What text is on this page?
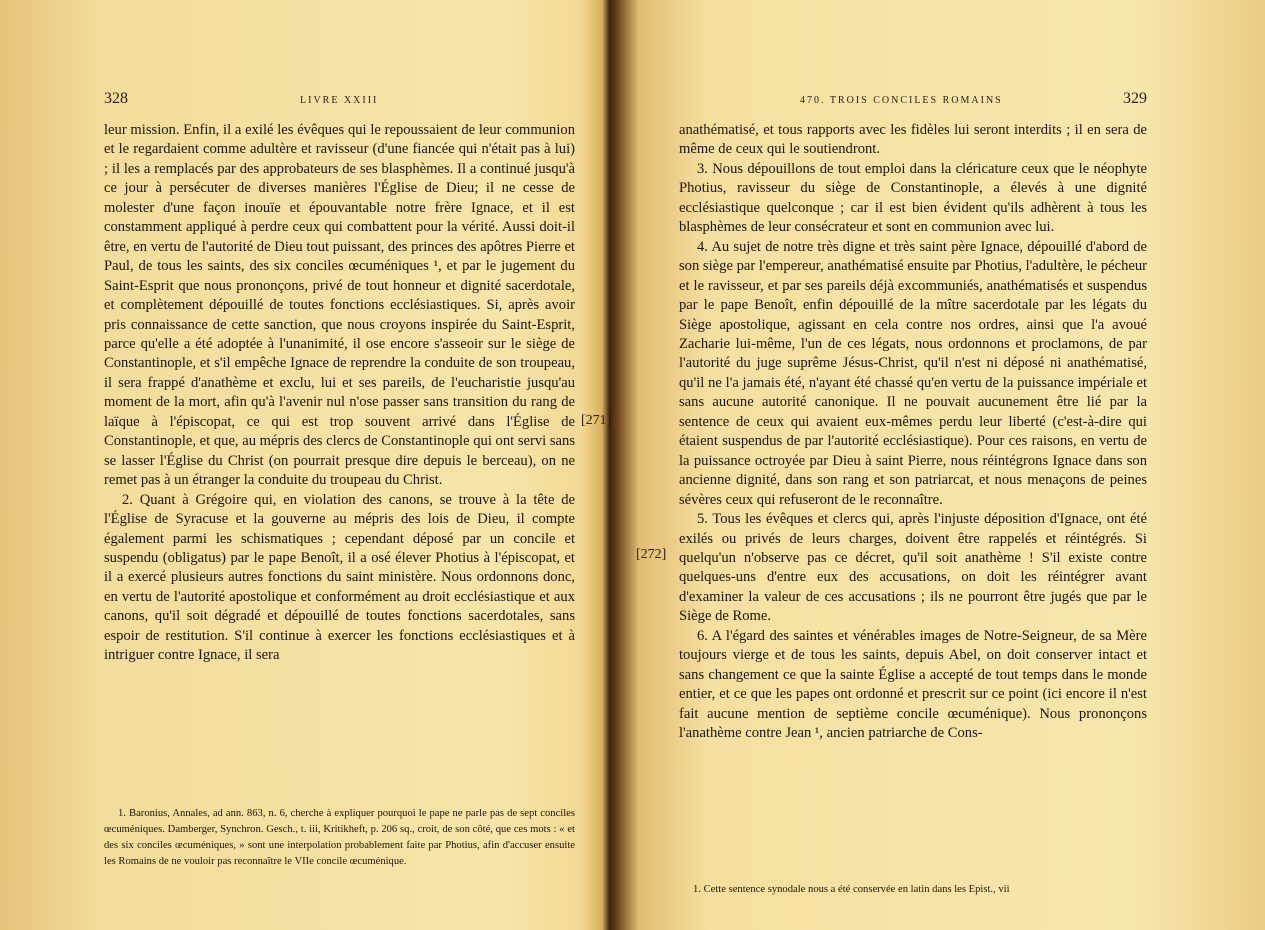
328	LIVRE XXIII

leur mission. Enfin, il a exilé les évêques qui le repoussaient de leur communion et le regardaient comme adultère et ravisseur (d'une fiancée qui n'était pas à lui) ; il les a remplacés par des approbateurs de ses blasphèmes. Il a continué jusqu'à ce jour à persécuter de diverses manières l'Église de Dieu; il ne cesse de molester d'une façon inouïe et épouvantable notre frère Ignace, et il est constamment appliqué à perdre ceux qui combattent pour la vérité. Aussi doit-il être, en vertu de l'autorité de Dieu tout puissant, des princes des apôtres Pierre et Paul, de tous les saints, des six conciles œcuméniques ¹, et par le jugement du Saint-Esprit que nous prononçons, privé de tout honneur et dignité sacerdotale, et complètement dépouillé de toutes fonctions ecclésiastiques. Si, après avoir pris connaissance de cette sanction, que nous croyons inspirée du Saint-Esprit, parce qu'elle a été adoptée à l'unanimité, il ose encore s'asseoir sur le siège de Constantinople, et s'il empêche Ignace de reprendre la conduite de son troupeau, il sera frappé d'anathème et exclu, lui et ses pareils, de l'eucharistie jusqu'au moment de la mort, afin qu'à l'avenir nul n'ose passer sans transition du rang de laïque à l'épiscopat, ce qui est trop souvent arrivé dans l'Église de Constantinople, et que, au mépris des clercs de Constantinople qui ont servi sans se lasser l'Église du Christ (on pourrait presque dire depuis le berceau), on ne remet pas à un étranger la conduite du troupeau du Christ.

2. Quant à Grégoire qui, en violation des canons, se trouve à la tête de l'Église de Syracuse et la gouverne au mépris des lois de Dieu, il compte également parmi les schismatiques ; cependant déposé par un concile et suspendu (obligatus) par le pape Benoît, il a osé élever Photius à l'épiscopat, et il a exercé plusieurs autres fonctions du saint ministère. Nous ordonnons donc, en vertu de l'autorité apostolique et conformément au droit ecclésiastique et aux canons, qu'il soit dégradé et dépouillé de toutes fonctions sacerdotales, sans espoir de restitution. S'il continue à exercer les fonctions ecclésiastiques et à intriguer contre Ignace, il sera

1. Baronius, Annales, ad ann. 863, n. 6, cherche à expliquer pourquoi le pape ne parle pas de sept conciles œcuméniques. Damberger, Synchron. Gesch., t. iii, Kritikheft, p. 206 sq., croit, de son côté, que ces mots : « et des six conciles œcuméniques, » sont une interpolation probablement faite par Photius, afin d'accuser ensuite les Romains de ne vouloir pas reconnaître le VIIe concile œcuménique.

470. TROIS CONCILES ROMAINS	329

anathématisé, et tous rapports avec les fidèles lui seront interdits ; il en sera de même de ceux qui le soutiendront.

3. Nous dépouillons de tout emploi dans la cléricature ceux que le néophyte Photius, ravisseur du siège de Constantinople, a élevés à une dignité ecclésiastique quelconque ; car il est bien évident qu'ils adhèrent à tous les blasphèmes de leur consécrateur et sont en communion avec lui.

4. Au sujet de notre très digne et très saint père Ignace, dépouillé d'abord de son siège par l'empereur, anathématisé ensuite par Photius, l'adultère, le pécheur et le ravisseur, et par ses pareils déjà excommuniés, anathématisés et suspendus par le pape Benoît, enfin dépouillé de la mître sacerdotale par les légats du Siège apostolique, agissant en cela contre nos ordres, ainsi que l'a avoué Zacharie lui-même, l'un de ces légats, nous ordonnons et proclamons, de par l'autorité du juge suprême Jésus-Christ, qu'il n'est ni déposé ni anathématisé, qu'il ne l'a jamais été, n'ayant été chassé qu'en vertu de la puissance impériale et sans aucune autorité canonique. Il ne pouvait aucunement être lié par la sentence de ceux qui avaient eux-mêmes perdu leur liberté (c'est-à-dire qui étaient suspendus de par l'autorité ecclésiastique). Pour ces raisons, en vertu de la puissance octroyée par Dieu à saint Pierre, nous réintégrons Ignace dans son ancienne dignité, dans son rang et son patriarcat, et nous menaçons de peines sévères ceux qui refuseront de le reconnaître.

5. Tous les évêques et clercs qui, après l'injuste déposition d'Ignace, ont été exilés ou privés de leurs charges, doivent être rappelés et réintégrés. Si quelqu'un n'observe pas ce décret, qu'il soit anathème ! S'il existe contre quelques-uns d'entre eux des accusations, on doit les réintégrer avant d'examiner la valeur de ces accusations ; ils ne pourront être jugés que par le Siège de Rome.

6. A l'égard des saintes et vénérables images de Notre-Seigneur, de sa Mère toujours vierge et de tous les saints, depuis Abel, on doit conserver intact et sans changement ce que la sainte Église a accepté de tout temps dans le monde entier, et ce que les papes ont ordonné et prescrit sur ce point (ici encore il n'est fait aucune mention de septième concile œcuménique). Nous prononçons l'anathème contre Jean ¹, ancien patriarche de Cons-

1. Cette sentence synodale nous a été conservée en latin dans les Epist., vii

[271]
[272]
